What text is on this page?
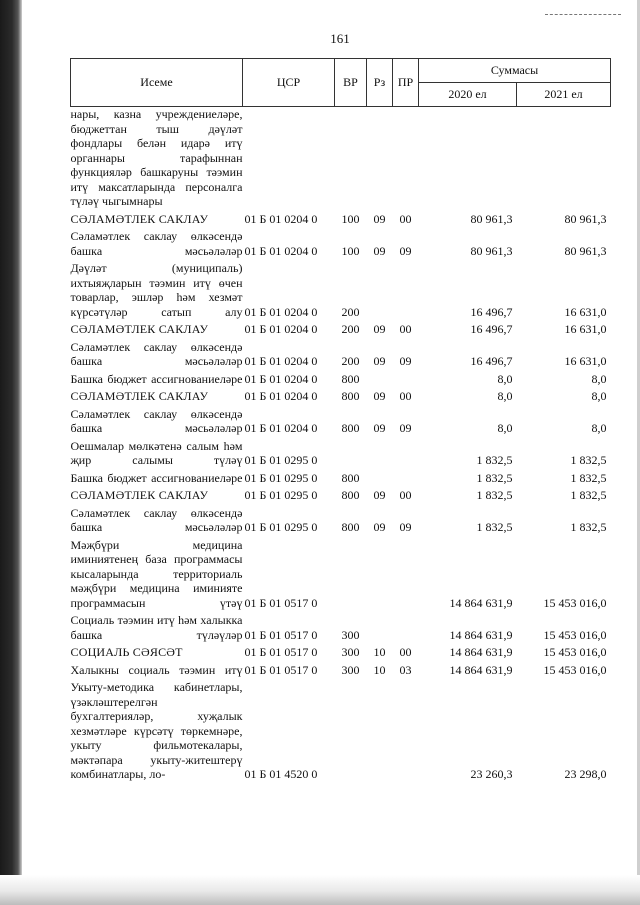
161
Исеме	ЦСР	ВР	Рз	ПР	Суммасы	
					2020 ел	2021 ел
нары, казна учреждениеләре, бюджеттан тыш дәүләт фондлары белән идарә итү органнары тарафыннан функцияләр башкаруны тәэмин итү максатларында персоналга түләү чыгымнары						
СӘЛАМӘТЛЕК САКЛАУ	01 Б 01 0204 0	100	09	00	80 961,3	80 961,3
Сәламәтлек саклау өлкәсендә башка мәсьәләләр	01 Б 01 0204 0	100	09	09	80 961,3	80 961,3
Дәүләт (муниципаль) ихтыяҗларын тәэмин итү өчен товарлар, эшләр һәм хезмәт күрсәтүләр сатып алу	01 Б 01 0204 0	200			16 496,7	16 631,0
СӘЛАМӘТЛЕК САКЛАУ	01 Б 01 0204 0	200	09	00	16 496,7	16 631,0
Сәламәтлек саклау өлкәсендә башка мәсьәләләр	01 Б 01 0204 0	200	09	09	16 496,7	16 631,0
Башка бюджет ассигнованиеләре	01 Б 01 0204 0	800			8,0	8,0
СӘЛАМӘТЛЕК САКЛАУ	01 Б 01 0204 0	800	09	00	8,0	8,0
Сәламәтлек саклау өлкәсендә башка мәсьәләләр	01 Б 01 0204 0	800	09	09	8,0	8,0
Оешмалар мөлкәтенә салым һәм җир салымы түләү	01 Б 01 0295 0				1 832,5	1 832,5
Башка бюджет ассигнованиеләре	01 Б 01 0295 0	800			1 832,5	1 832,5
СӘЛАМӘТЛЕК САКЛАУ	01 Б 01 0295 0	800	09	00	1 832,5	1 832,5
Сәламәтлек саклау өлкәсендә башка мәсьәләләр	01 Б 01 0295 0	800	09	09	1 832,5	1 832,5
Мәҗбүри медицина иминиятенең база программасы кысаларында территориаль мәҗбүри медицина иминияте программасын үтәү	01 Б 01 0517 0				14 864 631,9	15 453 016,0
Социаль тәэмин итү һәм халыкка башка түләүләр	01 Б 01 0517 0	300			14 864 631,9	15 453 016,0
СОЦИАЛЬ СӘЯСӘТ	01 Б 01 0517 0	300	10	00	14 864 631,9	15 453 016,0
Халыкны социаль тәэмин итү	01 Б 01 0517 0	300	10	03	14 864 631,9	15 453 016,0
Укыту-методика кабинетлары, үзәкләштерелгән бухгалтерияләр, хуҗалык хезмәтләре күрсәтү төркемнәре, укыту фильмотекалары, мәктәпара укыту-житештерү комбинатлары, ло-	01 Б 01 4520 0				23 260,3	23 298,0
